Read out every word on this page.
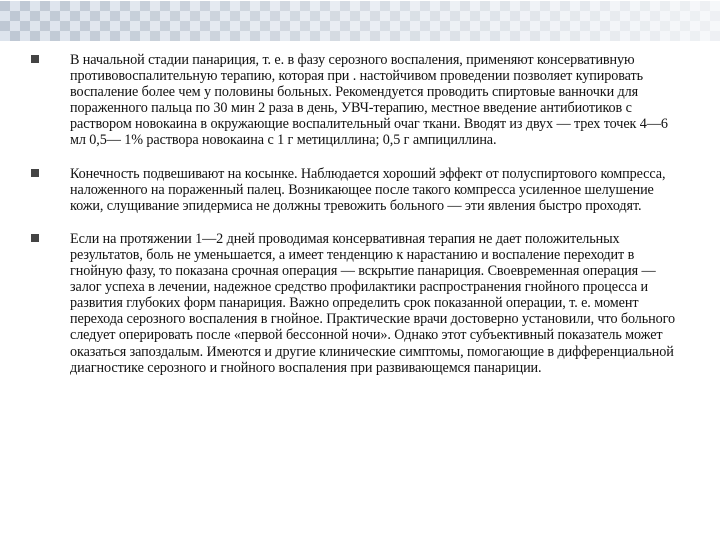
В начальной стадии панариция, т. е. в фазу серозного воспаления, применяют консервативную противовоспалительную терапию, которая при . настойчивом проведении позволяет купировать воспаление более чем у половины больных. Рекомендуется проводить спиртовые ванночки для пораженного пальца по 30 мин 2 раза в день, УВЧ-терапию, местное введение антибиотиков с раствором новокаина в окружающие воспалительный очаг ткани. Вводят из двух — трех точек 4—6 мл 0,5— 1% раствора новокаина с 1 г метициллина; 0,5 г ампициллина.
Конечность подвешивают на косынке. Наблюдается хороший эффект от полуспиртового компресса, наложенного на пораженный палец. Возникающее после такого компресса усиленное шелушение кожи, слущивание эпидермиса не должны тревожить больного — эти явления быстро проходят.
Если на протяжении 1—2 дней проводимая консервативная терапия не дает положительных результатов, боль не уменьшается, а имеет тенденцию к нарастанию и воспаление переходит в гнойную фазу, то показана срочная операция — вскрытие панариция. Своевременная операция — залог успеха в лечении, надежное средство профилактики распространения гнойного процесса и развития глубоких форм панариция. Важно определить срок показанной операции, т. е. момент перехода серозного воспаления в гнойное. Практические врачи достоверно установили, что больного следует оперировать после «первой бессонной ночи». Однако этот субъективный показатель может оказаться запоздалым. Имеются и другие клинические симптомы, помогающие в дифференциальной диагностике серозного и гнойного воспаления при развивающемся панариции.
